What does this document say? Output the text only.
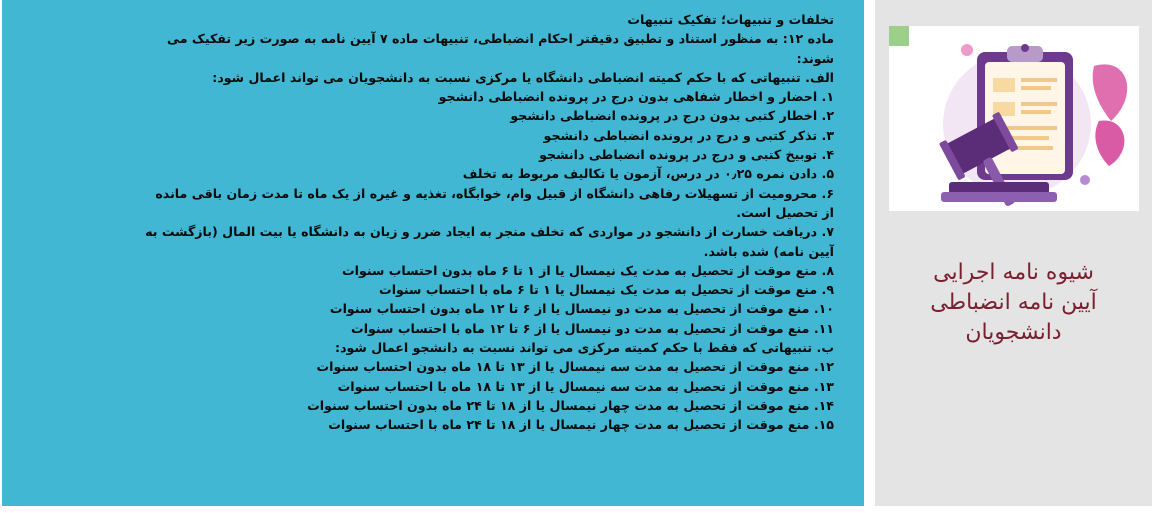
تخلفات و تنبیهات؛ تفکیک تنبیهات

ماده ۱۲: به منظور استناد و تطبیق دقیقتر احکام انضباطی، تنبیهات ماده ۷ آیین نامه به صورت زیر تفکیک می شوند:

الف. تنبیهاتی که با حکم کمیته انضباطی دانشگاه یا مرکزی نسبت به دانشجویان می تواند اعمال شود:

۱. احضار و اخطار شفاهی بدون درج در پرونده انضباطی دانشجو

۲. اخطار کتبی بدون درج در پرونده انضباطی دانشجو

۳. تذکر کتبی و درج در پرونده انضباطی دانشجو

۴. توبیخ کتبی و درج در پرونده انضباطی دانشجو

۵. دادن نمره ۰٫۲۵ در درس، آزمون یا تکالیف مربوط به تخلف

۶. محرومیت از تسهیلات رفاهی دانشگاه از قبیل وام، خوابگاه، تغذیه و غیره از یک ماه تا مدت زمان باقی مانده از تحصیل است.

۷. دریافت خسارت از دانشجو در مواردی که تخلف منجر به ایجاد ضرر و زیان به دانشگاه یا بیت المال (بازگشت به آیین نامه) شده باشد.

۸. منع موقت از تحصیل به مدت یک نیمسال یا از ۱ تا ۶ ماه بدون احتساب سنوات

۹. منع موقت از تحصیل به مدت یک نیمسال یا ۱ تا ۶ ماه با احتساب سنوات

۱۰. منع موقت از تحصیل به مدت دو نیمسال یا از ۶ تا ۱۲ ماه بدون احتساب سنوات

۱۱. منع موقت از تحصیل به مدت دو نیمسال یا از ۶ تا ۱۲ ماه با احتساب سنوات

ب. تنبیهاتی که فقط با حکم کمیته مرکزی می تواند نسبت به دانشجو اعمال شود:

۱۲. منع موقت از تحصیل به مدت سه نیمسال یا از ۱۳ تا ۱۸ ماه بدون احتساب سنوات

۱۳. منع موقت از تحصیل به مدت سه نیمسال یا از ۱۳ تا ۱۸ ماه با احتساب سنوات

۱۴. منع موقت از تحصیل به مدت چهار نیمسال یا از ۱۸ تا ۲۴ ماه بدون احتساب سنوات

۱۵. منع موقت از تحصیل به مدت چهار نیمسال یا از ۱۸ تا ۲۴ ماه با احتساب سنوات

شیوه نامه اجرایی
آیین نامه انضباطی
دانشجویان
